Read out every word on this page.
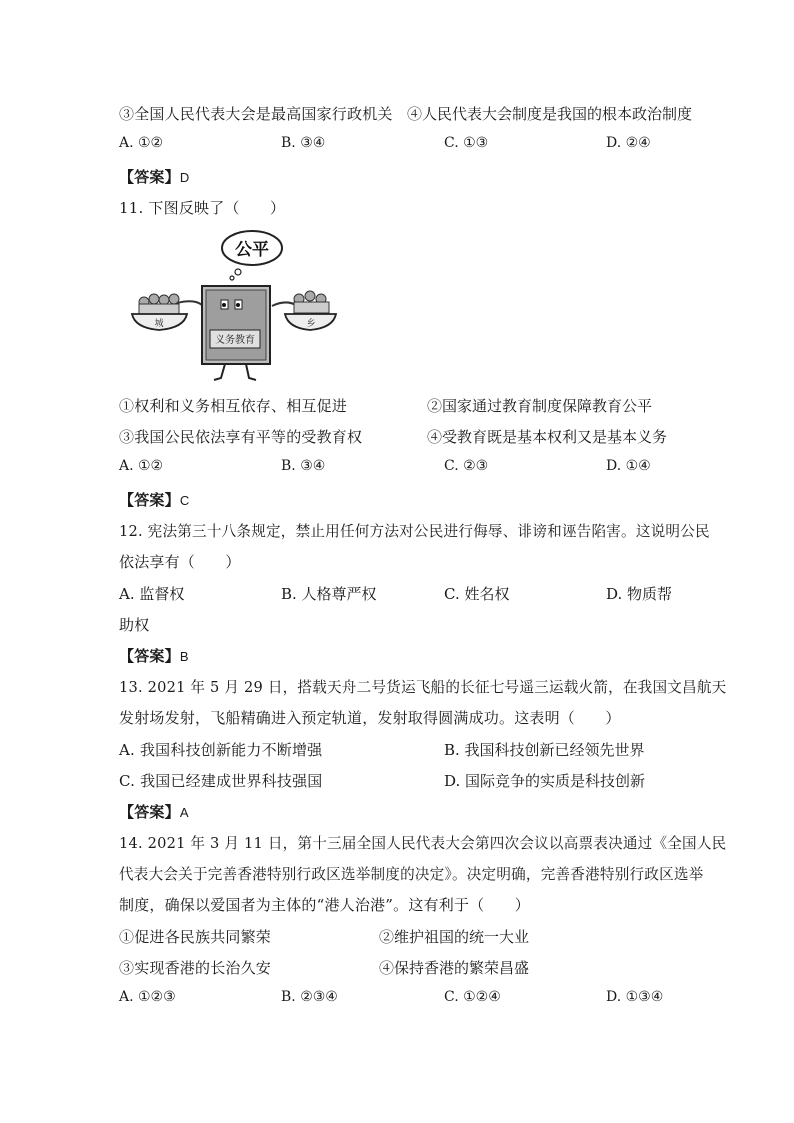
③全国人民代表大会是最高国家行政机关 ④人民代表大会制度是我国的根本政治制度
A. ①②	B. ③④	C. ①③	D. ②④
【答案】D
11. 下图反映了（　　）
公平
城	乡
义务教育
①权利和义务相互依存、相互促进	②国家通过教育制度保障教育公平
③我国公民依法享有平等的受教育权	④受教育既是基本权利又是基本义务
A. ①②	B. ③④	C. ②③	D. ①④
【答案】C
12. 宪法第三十八条规定，禁止用任何方法对公民进行侮辱、诽谤和诬告陷害。这说明公民
依法享有（　　）
A. 监督权	B. 人格尊严权	C. 姓名权	D. 物质帮
助权
【答案】B
13. 2021 年 5 月 29 日，搭载天舟二号货运飞船的长征七号遥三运载火箭，在我国文昌航天
发射场发射，飞船精确进入预定轨道，发射取得圆满成功。这表明（　　）
A. 我国科技创新能力不断增强	B. 我国科技创新已经领先世界
C. 我国已经建成世界科技强国	D. 国际竞争的实质是科技创新
【答案】A
14. 2021 年 3 月 11 日，第十三届全国人民代表大会第四次会议以高票表决通过《全国人民
代表大会关于完善香港特别行政区选举制度的决定》。决定明确，完善香港特别行政区选举
制度，确保以爱国者为主体的“港人治港”。这有利于（　　）
①促进各民族共同繁荣	②维护祖国的统一大业
③实现香港的长治久安	④保持香港的繁荣昌盛
A. ①②③	B. ②③④	C. ①②④	D. ①③④
